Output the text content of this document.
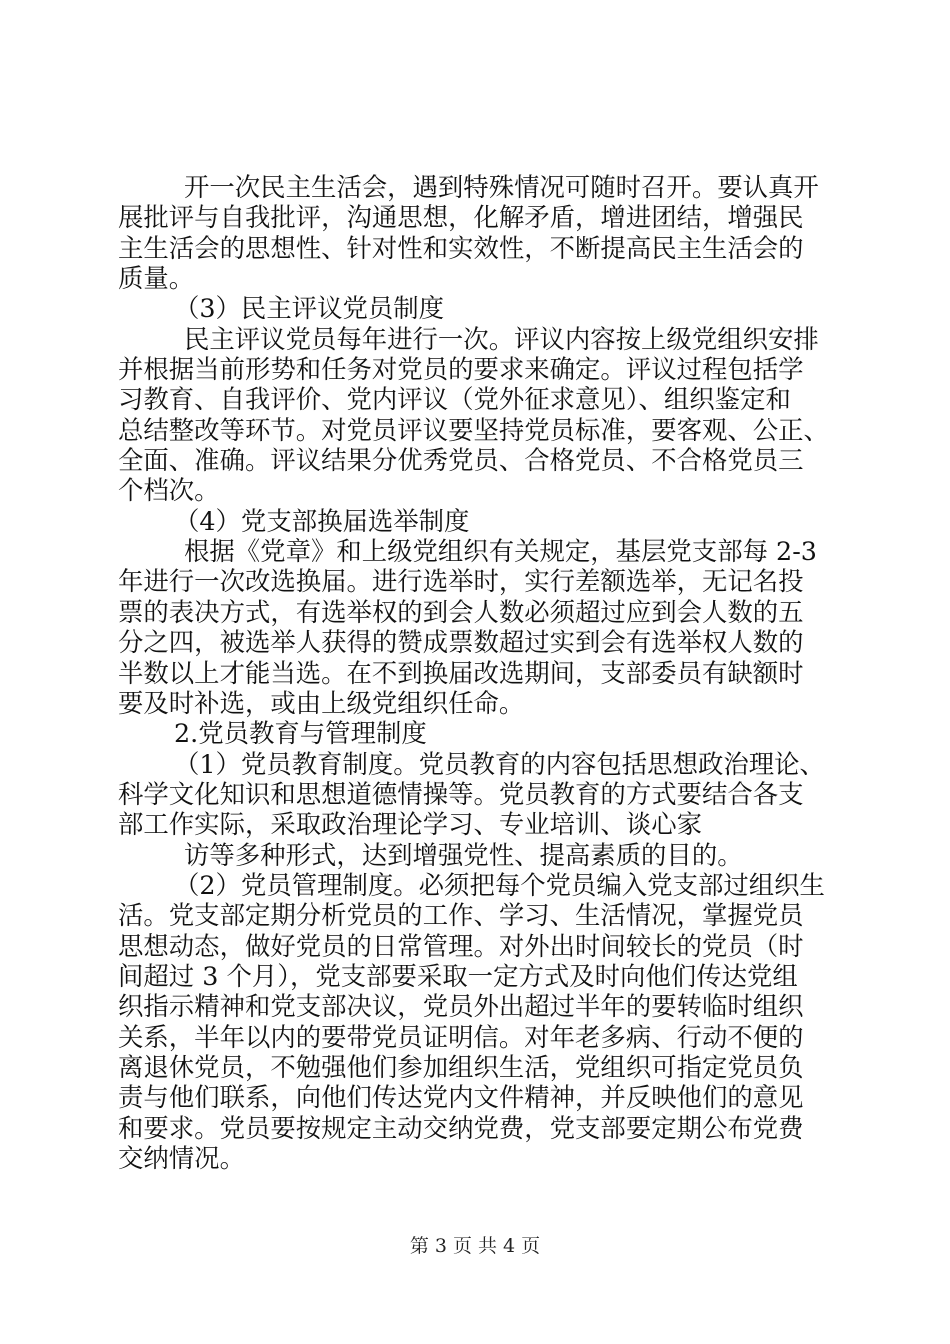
开一次民主生活会，遇到特殊情况可随时召开。要认真开
展批评与自我批评，沟通思想，化解矛盾，增进团结，增强民
主生活会的思想性、针对性和实效性，不断提高民主生活会的
质量。
（3）民主评议党员制度
民主评议党员每年进行一次。评议内容按上级党组织安排
并根据当前形势和任务对党员的要求来确定。评议过程包括学
习教育、自我评价、党内评议（党外征求意见）、组织鉴定和
总结整改等环节。对党员评议要坚持党员标准，要客观、公正、
全面、准确。评议结果分优秀党员、合格党员、不合格党员三
个档次。
（4）党支部换届选举制度
根据《党章》和上级党组织有关规定，基层党支部每 2-3
年进行一次改选换届。进行选举时，实行差额选举，无记名投
票的表决方式，有选举权的到会人数必须超过应到会人数的五
分之四，被选举人获得的赞成票数超过实到会有选举权人数的
半数以上才能当选。在不到换届改选期间，支部委员有缺额时
要及时补选，或由上级党组织任命。
2.党员教育与管理制度
（1）党员教育制度。党员教育的内容包括思想政治理论、
科学文化知识和思想道德情操等。党员教育的方式要结合各支
部工作实际，采取政治理论学习、专业培训、谈心家
访等多种形式，达到增强党性、提高素质的目的。
（2）党员管理制度。必须把每个党员编入党支部过组织生
活。党支部定期分析党员的工作、学习、生活情况，掌握党员
思想动态，做好党员的日常管理。对外出时间较长的党员（时
间超过 3 个月），党支部要采取一定方式及时向他们传达党组
织指示精神和党支部决议，党员外出超过半年的要转临时组织
关系，半年以内的要带党员证明信。对年老多病、行动不便的
离退休党员，不勉强他们参加组织生活，党组织可指定党员负
责与他们联系，向他们传达党内文件精神，并反映他们的意见
和要求。党员要按规定主动交纳党费，党支部要定期公布党费
交纳情况。
第 3 页 共 4 页
